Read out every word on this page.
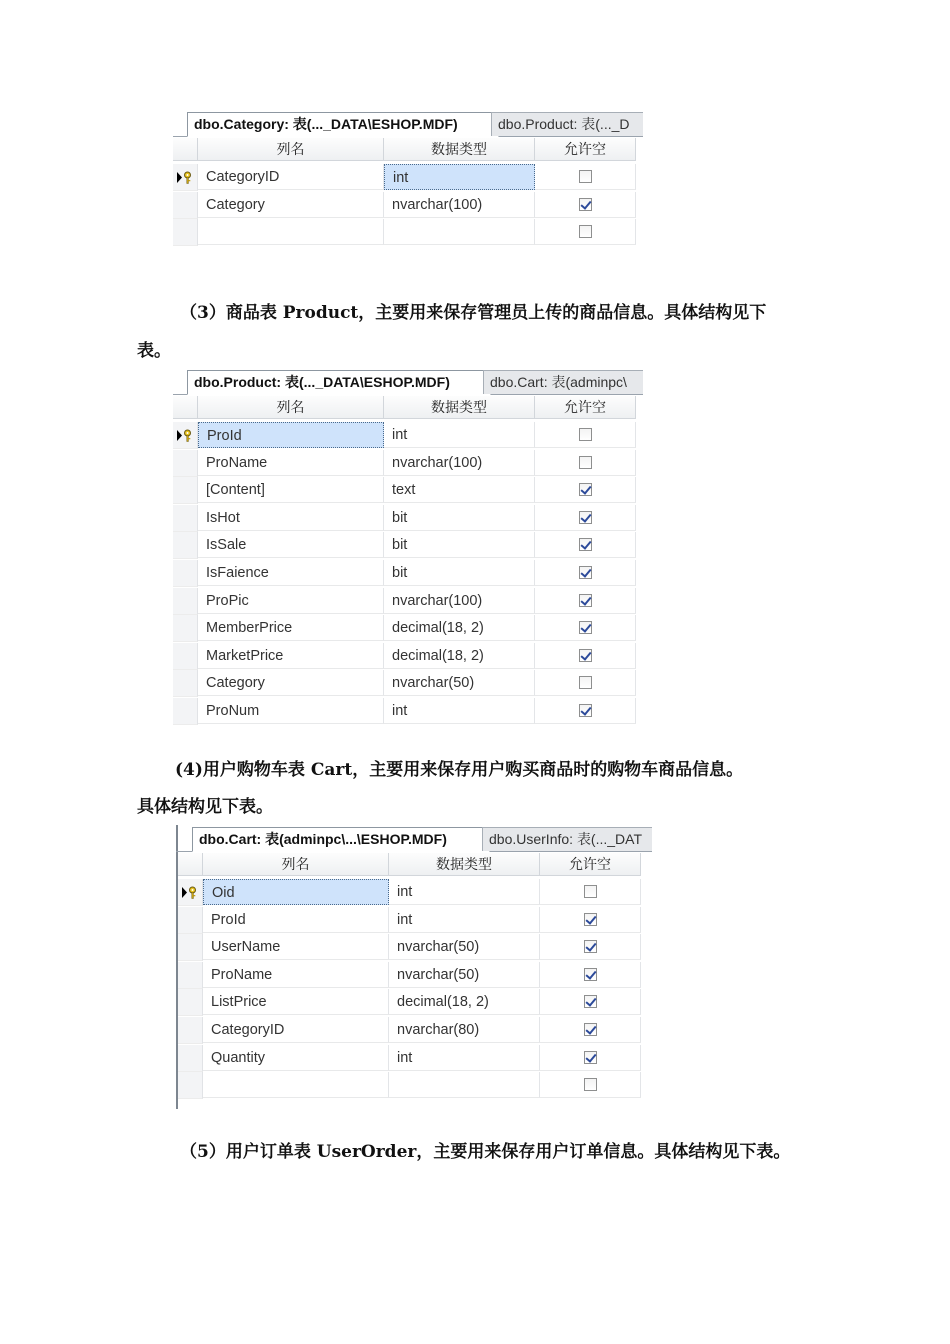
dbo.Category: 表(..._DATA\ESHOP.MDF)	dbo.Product: 表(..._D
列名	数据类型	允许空
CategoryID	int
Category	nvarchar(100)
（3）商品表 Product，主要用来保存管理员上传的商品信息。具体结构见下
表。
dbo.Product: 表(..._DATA\ESHOP.MDF)	dbo.Cart: 表(adminpc\
列名	数据类型	允许空
ProId	int
ProName	nvarchar(100)
[Content]	text
IsHot	bit
IsSale	bit
IsFaience	bit
ProPic	nvarchar(100)
MemberPrice	decimal(18, 2)
MarketPrice	decimal(18, 2)
Category	nvarchar(50)
ProNum	int
(4)用户购物车表 Cart，主要用来保存用户购买商品时的购物车商品信息。
具体结构见下表。
dbo.Cart: 表(adminpc\...\ESHOP.MDF)	dbo.UserInfo: 表(..._DAT
列名	数据类型	允许空
Oid	int
ProId	int
UserName	nvarchar(50)
ProName	nvarchar(50)
ListPrice	decimal(18, 2)
CategoryID	nvarchar(80)
Quantity	int
（5）用户订单表 UserOrder，主要用来保存用户订单信息。具体结构见下表。
